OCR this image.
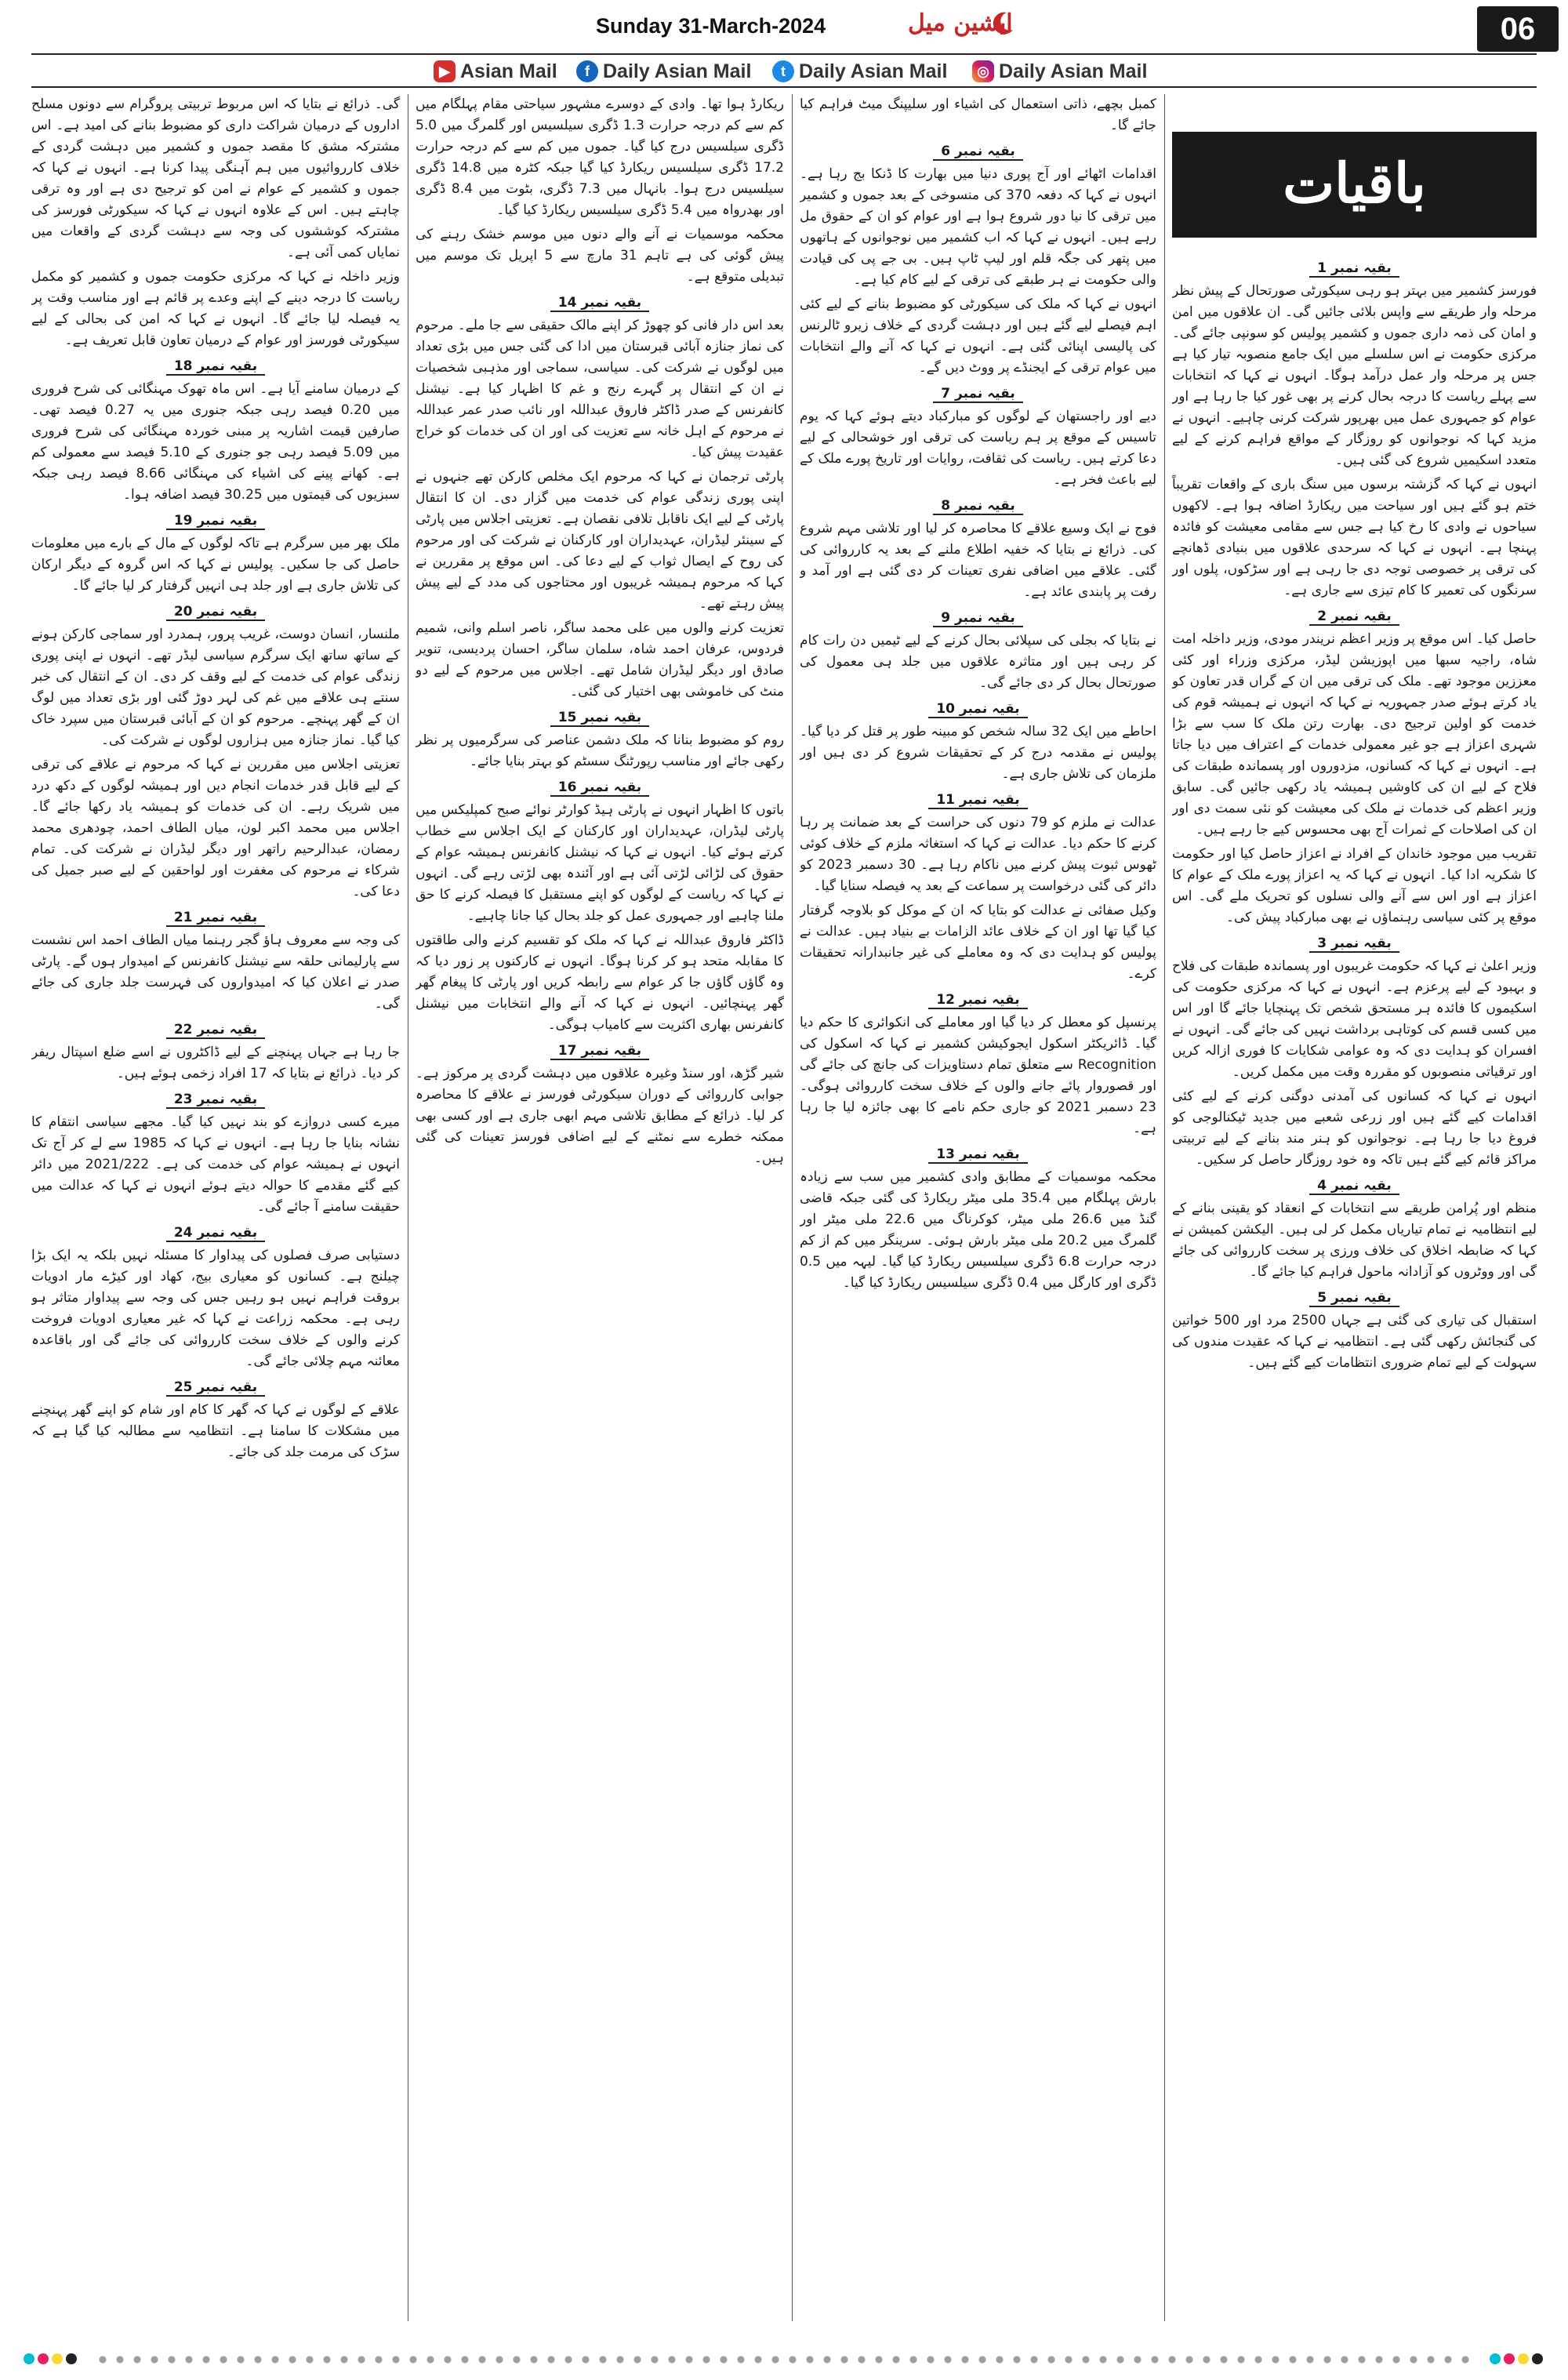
Sunday 31-March-2024	ایشین میل	06
▶ Asian Mail	f Daily Asian Mail	t Daily Asian Mail	◎ Daily Asian Mail
باقیات
بقیہ نمبر 1

فورسز کشمیر میں بہتر ہو رہی سیکورٹی صورتحال کے پیش نظر مرحلہ وار طریقے سے واپس بلائی جائیں گی۔ ان علاقوں میں امن و امان کی ذمہ داری جموں و کشمیر پولیس کو سونپی جائے گی۔ مرکزی حکومت نے اس سلسلے میں ایک جامع منصوبہ تیار کیا ہے جس پر مرحلہ وار عمل درآمد ہوگا۔ انہوں نے کہا کہ انتخابات سے پہلے ریاست کا درجہ بحال کرنے پر بھی غور کیا جا رہا ہے اور عوام کو جمہوری عمل میں بھرپور شرکت کرنی چاہیے۔ انہوں نے مزید کہا کہ نوجوانوں کو روزگار کے مواقع فراہم کرنے کے لیے متعدد اسکیمیں شروع کی گئی ہیں۔

انہوں نے کہا کہ گزشتہ برسوں میں سنگ باری کے واقعات تقریباً ختم ہو گئے ہیں اور سیاحت میں ریکارڈ اضافہ ہوا ہے۔ لاکھوں سیاحوں نے وادی کا رخ کیا ہے جس سے مقامی معیشت کو فائدہ پہنچا ہے۔ انہوں نے کہا کہ سرحدی علاقوں میں بنیادی ڈھانچے کی ترقی پر خصوصی توجہ دی جا رہی ہے اور سڑکوں، پلوں اور سرنگوں کی تعمیر کا کام تیزی سے جاری ہے۔

بقیہ نمبر 2

حاصل کیا۔ اس موقع پر وزیر اعظم نریندر مودی، وزیر داخلہ امت شاہ، راجیہ سبھا میں اپوزیشن لیڈر، مرکزی وزراء اور کئی معززین موجود تھے۔ ملک کی ترقی میں ان کے گراں قدر تعاون کو یاد کرتے ہوئے صدر جمہوریہ نے کہا کہ انہوں نے ہمیشہ قوم کی خدمت کو اولین ترجیح دی۔ بھارت رتن ملک کا سب سے بڑا شہری اعزاز ہے جو غیر معمولی خدمات کے اعتراف میں دیا جاتا ہے۔ انہوں نے کہا کہ کسانوں، مزدوروں اور پسماندہ طبقات کی فلاح کے لیے ان کی کاوشیں ہمیشہ یاد رکھی جائیں گی۔ سابق وزیر اعظم کی خدمات نے ملک کی معیشت کو نئی سمت دی اور ان کی اصلاحات کے ثمرات آج بھی محسوس کیے جا رہے ہیں۔

تقریب میں موجود خاندان کے افراد نے اعزاز حاصل کیا اور حکومت کا شکریہ ادا کیا۔ انہوں نے کہا کہ یہ اعزاز پورے ملک کے عوام کا اعزاز ہے اور اس سے آنے والی نسلوں کو تحریک ملے گی۔ اس موقع پر کئی سیاسی رہنماؤں نے بھی مبارکباد پیش کی۔

بقیہ نمبر 3

وزیر اعلیٰ نے کہا کہ حکومت غریبوں اور پسماندہ طبقات کی فلاح و بہبود کے لیے پرعزم ہے۔ انہوں نے کہا کہ مرکزی حکومت کی اسکیموں کا فائدہ ہر مستحق شخص تک پہنچایا جائے گا اور اس میں کسی قسم کی کوتاہی برداشت نہیں کی جائے گی۔ انہوں نے افسران کو ہدایت دی کہ وہ عوامی شکایات کا فوری ازالہ کریں اور ترقیاتی منصوبوں کو مقررہ وقت میں مکمل کریں۔

انہوں نے کہا کہ کسانوں کی آمدنی دوگنی کرنے کے لیے کئی اقدامات کیے گئے ہیں اور زرعی شعبے میں جدید ٹیکنالوجی کو فروغ دیا جا رہا ہے۔ نوجوانوں کو ہنر مند بنانے کے لیے تربیتی مراکز قائم کیے گئے ہیں تاکہ وہ خود روزگار حاصل کر سکیں۔

بقیہ نمبر 4

منظم اور پُرامن طریقے سے انتخابات کے انعقاد کو یقینی بنانے کے لیے انتظامیہ نے تمام تیاریاں مکمل کر لی ہیں۔ الیکشن کمیشن نے کہا کہ ضابطہ اخلاق کی خلاف ورزی پر سخت کارروائی کی جائے گی اور ووٹروں کو آزادانہ ماحول فراہم کیا جائے گا۔

بقیہ نمبر 5

استقبال کی تیاری کی گئی ہے جہاں 2500 مرد اور 500 خواتین کی گنجائش رکھی گئی ہے۔ انتظامیہ نے کہا کہ عقیدت مندوں کی سہولت کے لیے تمام ضروری انتظامات کیے گئے ہیں۔

کمبل بچھے، ذاتی استعمال کی اشیاء اور سلیپنگ میٹ فراہم کیا جائے گا۔

بقیہ نمبر 6

اقدامات اٹھائے اور آج پوری دنیا میں بھارت کا ڈنکا بج رہا ہے۔ انہوں نے کہا کہ دفعہ 370 کی منسوخی کے بعد جموں و کشمیر میں ترقی کا نیا دور شروع ہوا ہے اور عوام کو ان کے حقوق مل رہے ہیں۔ انہوں نے کہا کہ اب کشمیر میں نوجوانوں کے ہاتھوں میں پتھر کی جگہ قلم اور لیپ ٹاپ ہیں۔ بی جے پی کی قیادت والی حکومت نے ہر طبقے کی ترقی کے لیے کام کیا ہے۔

انہوں نے کہا کہ ملک کی سیکورٹی کو مضبوط بنانے کے لیے کئی اہم فیصلے لیے گئے ہیں اور دہشت گردی کے خلاف زیرو ٹالرنس کی پالیسی اپنائی گئی ہے۔ انہوں نے کہا کہ آنے والے انتخابات میں عوام ترقی کے ایجنڈے پر ووٹ دیں گے۔

بقیہ نمبر 7

دیے اور راجستھان کے لوگوں کو مبارکباد دیتے ہوئے کہا کہ یوم تاسیس کے موقع پر ہم ریاست کی ترقی اور خوشحالی کے لیے دعا کرتے ہیں۔ ریاست کی ثقافت، روایات اور تاریخ پورے ملک کے لیے باعث فخر ہے۔

بقیہ نمبر 8

فوج نے ایک وسیع علاقے کا محاصرہ کر لیا اور تلاشی مہم شروع کی۔ ذرائع نے بتایا کہ خفیہ اطلاع ملنے کے بعد یہ کارروائی کی گئی۔ علاقے میں اضافی نفری تعینات کر دی گئی ہے اور آمد و رفت پر پابندی عائد ہے۔

بقیہ نمبر 9

نے بتایا کہ بجلی کی سپلائی بحال کرنے کے لیے ٹیمیں دن رات کام کر رہی ہیں اور متاثرہ علاقوں میں جلد ہی معمول کی صورتحال بحال کر دی جائے گی۔

بقیہ نمبر 10

احاطے میں ایک 32 سالہ شخص کو مبینہ طور پر قتل کر دیا گیا۔ پولیس نے مقدمہ درج کر کے تحقیقات شروع کر دی ہیں اور ملزمان کی تلاش جاری ہے۔

بقیہ نمبر 11

عدالت نے ملزم کو 79 دنوں کی حراست کے بعد ضمانت پر رہا کرنے کا حکم دیا۔ عدالت نے کہا کہ استغاثہ ملزم کے خلاف کوئی ٹھوس ثبوت پیش کرنے میں ناکام رہا ہے۔ 30 دسمبر 2023 کو دائر کی گئی درخواست پر سماعت کے بعد یہ فیصلہ سنایا گیا۔

وکیل صفائی نے عدالت کو بتایا کہ ان کے موکل کو بلاوجہ گرفتار کیا گیا تھا اور ان کے خلاف عائد الزامات بے بنیاد ہیں۔ عدالت نے پولیس کو ہدایت دی کہ وہ معاملے کی غیر جانبدارانہ تحقیقات کرے۔

بقیہ نمبر 12

پرنسپل کو معطل کر دیا گیا اور معاملے کی انکوائری کا حکم دیا گیا۔ ڈائریکٹر اسکول ایجوکیشن کشمیر نے کہا کہ اسکول کی Recognition سے متعلق تمام دستاویزات کی جانچ کی جائے گی اور قصوروار پائے جانے والوں کے خلاف سخت کارروائی ہوگی۔ 23 دسمبر 2021 کو جاری حکم نامے کا بھی جائزہ لیا جا رہا ہے۔

بقیہ نمبر 13

محکمہ موسمیات کے مطابق وادی کشمیر میں سب سے زیادہ بارش پہلگام میں 35.4 ملی میٹر ریکارڈ کی گئی جبکہ قاضی گنڈ میں 26.6 ملی میٹر، کوکرناگ میں 22.6 ملی میٹر اور گلمرگ میں 20.2 ملی میٹر بارش ہوئی۔ سرینگر میں کم از کم درجہ حرارت 6.8 ڈگری سیلسیس ریکارڈ کیا گیا۔ لیہہ میں 0.5 ڈگری اور کارگل میں 0.4 ڈگری سیلسیس ریکارڈ کیا گیا۔

ریکارڈ ہوا تھا۔ وادی کے دوسرے مشہور سیاحتی مقام پہلگام میں کم سے کم درجہ حرارت 1.3 ڈگری سیلسیس اور گلمرگ میں 5.0 ڈگری سیلسیس درج کیا گیا۔ جموں میں کم سے کم درجہ حرارت 17.2 ڈگری سیلسیس ریکارڈ کیا گیا جبکہ کٹرہ میں 14.8 ڈگری سیلسیس درج ہوا۔ بانہال میں 7.3 ڈگری، بٹوت میں 8.4 ڈگری اور بھدرواہ میں 5.4 ڈگری سیلسیس ریکارڈ کیا گیا۔

محکمہ موسمیات نے آنے والے دنوں میں موسم خشک رہنے کی پیش گوئی کی ہے تاہم 31 مارچ سے 5 اپریل تک موسم میں تبدیلی متوقع ہے۔

بقیہ نمبر 14

بعد اس دار فانی کو چھوڑ کر اپنے مالک حقیقی سے جا ملے۔ مرحوم کی نماز جنازہ آبائی قبرستان میں ادا کی گئی جس میں بڑی تعداد میں لوگوں نے شرکت کی۔ سیاسی، سماجی اور مذہبی شخصیات نے ان کے انتقال پر گہرے رنج و غم کا اظہار کیا ہے۔ نیشنل کانفرنس کے صدر ڈاکٹر فاروق عبداللہ اور نائب صدر عمر عبداللہ نے مرحوم کے اہل خانہ سے تعزیت کی اور ان کی خدمات کو خراج عقیدت پیش کیا۔

پارٹی ترجمان نے کہا کہ مرحوم ایک مخلص کارکن تھے جنہوں نے اپنی پوری زندگی عوام کی خدمت میں گزار دی۔ ان کا انتقال پارٹی کے لیے ایک ناقابل تلافی نقصان ہے۔ تعزیتی اجلاس میں پارٹی کے سینئر لیڈران، عہدیداران اور کارکنان نے شرکت کی اور مرحوم کی روح کے ایصال ثواب کے لیے دعا کی۔ اس موقع پر مقررین نے کہا کہ مرحوم ہمیشہ غریبوں اور محتاجوں کی مدد کے لیے پیش پیش رہتے تھے۔

تعزیت کرنے والوں میں علی محمد ساگر، ناصر اسلم وانی، شمیم فردوس، عرفان احمد شاہ، سلمان ساگر، احسان پردیسی، تنویر صادق اور دیگر لیڈران شامل تھے۔ اجلاس میں مرحوم کے لیے دو منٹ کی خاموشی بھی اختیار کی گئی۔

بقیہ نمبر 15

روم کو مضبوط بنانا کہ ملک دشمن عناصر کی سرگرمیوں پر نظر رکھی جائے اور مناسب رپورٹنگ سسٹم کو بہتر بنایا جائے۔

بقیہ نمبر 16

باتوں کا اظہار انہوں نے پارٹی ہیڈ کوارٹر نوائے صبح کمپلیکس میں پارٹی لیڈران، عہدیداران اور کارکنان کے ایک اجلاس سے خطاب کرتے ہوئے کیا۔ انہوں نے کہا کہ نیشنل کانفرنس ہمیشہ عوام کے حقوق کی لڑائی لڑتی آئی ہے اور آئندہ بھی لڑتی رہے گی۔ انہوں نے کہا کہ ریاست کے لوگوں کو اپنے مستقبل کا فیصلہ کرنے کا حق ملنا چاہیے اور جمہوری عمل کو جلد بحال کیا جانا چاہیے۔

ڈاکٹر فاروق عبداللہ نے کہا کہ ملک کو تقسیم کرنے والی طاقتوں کا مقابلہ متحد ہو کر کرنا ہوگا۔ انہوں نے کارکنوں پر زور دیا کہ وہ گاؤں گاؤں جا کر عوام سے رابطہ کریں اور پارٹی کا پیغام گھر گھر پہنچائیں۔ انہوں نے کہا کہ آنے والے انتخابات میں نیشنل کانفرنس بھاری اکثریت سے کامیاب ہوگی۔

بقیہ نمبر 17

شیر گڑھ، اور سنڈ وغیرہ علاقوں میں دہشت گردی پر مرکوز ہے۔ جوابی کارروائی کے دوران سیکورٹی فورسز نے علاقے کا محاصرہ کر لیا۔ ذرائع کے مطابق تلاشی مہم ابھی جاری ہے اور کسی بھی ممکنہ خطرے سے نمٹنے کے لیے اضافی فورسز تعینات کی گئی ہیں۔

گی۔ ذرائع نے بتایا کہ اس مربوط تربیتی پروگرام سے دونوں مسلح اداروں کے درمیان شراکت داری کو مضبوط بنانے کی امید ہے۔ اس مشترکہ مشق کا مقصد جموں و کشمیر میں دہشت گردی کے خلاف کارروائیوں میں ہم آہنگی پیدا کرنا ہے۔ انہوں نے کہا کہ جموں و کشمیر کے عوام نے امن کو ترجیح دی ہے اور وہ ترقی چاہتے ہیں۔ اس کے علاوہ انہوں نے کہا کہ سیکورٹی فورسز کی مشترکہ کوششوں کی وجہ سے دہشت گردی کے واقعات میں نمایاں کمی آئی ہے۔

وزیر داخلہ نے کہا کہ مرکزی حکومت جموں و کشمیر کو مکمل ریاست کا درجہ دینے کے اپنے وعدے پر قائم ہے اور مناسب وقت پر یہ فیصلہ لیا جائے گا۔ انہوں نے کہا کہ امن کی بحالی کے لیے سیکورٹی فورسز اور عوام کے درمیان تعاون قابل تعریف ہے۔

بقیہ نمبر 18

کے درمیان سامنے آیا ہے۔ اس ماہ تھوک مہنگائی کی شرح فروری میں 0.20 فیصد رہی جبکہ جنوری میں یہ 0.27 فیصد تھی۔ صارفین قیمت اشاریہ پر مبنی خوردہ مہنگائی کی شرح فروری میں 5.09 فیصد رہی جو جنوری کے 5.10 فیصد سے معمولی کم ہے۔ کھانے پینے کی اشیاء کی مہنگائی 8.66 فیصد رہی جبکہ سبزیوں کی قیمتوں میں 30.25 فیصد اضافہ ہوا۔

بقیہ نمبر 19

ملک بھر میں سرگرم ہے تاکہ لوگوں کے مال کے بارے میں معلومات حاصل کی جا سکیں۔ پولیس نے کہا کہ اس گروہ کے دیگر ارکان کی تلاش جاری ہے اور جلد ہی انہیں گرفتار کر لیا جائے گا۔

بقیہ نمبر 20

ملنسار، انسان دوست، غریب پرور، ہمدرد اور سماجی کارکن ہونے کے ساتھ ساتھ ایک سرگرم سیاسی لیڈر تھے۔ انہوں نے اپنی پوری زندگی عوام کی خدمت کے لیے وقف کر دی۔ ان کے انتقال کی خبر سنتے ہی علاقے میں غم کی لہر دوڑ گئی اور بڑی تعداد میں لوگ ان کے گھر پہنچے۔ مرحوم کو ان کے آبائی قبرستان میں سپرد خاک کیا گیا۔ نماز جنازہ میں ہزاروں لوگوں نے شرکت کی۔

تعزیتی اجلاس میں مقررین نے کہا کہ مرحوم نے علاقے کی ترقی کے لیے قابل قدر خدمات انجام دیں اور ہمیشہ لوگوں کے دکھ درد میں شریک رہے۔ ان کی خدمات کو ہمیشہ یاد رکھا جائے گا۔ اجلاس میں محمد اکبر لون، میاں الطاف احمد، چودھری محمد رمضان، عبدالرحیم راتھر اور دیگر لیڈران نے شرکت کی۔ تمام شرکاء نے مرحوم کی مغفرت اور لواحقین کے لیے صبر جمیل کی دعا کی۔

بقیہ نمبر 21

کی وجہ سے معروف ہاؤ گجر رہنما میاں الطاف احمد اس نشست سے پارلیمانی حلقہ سے نیشنل کانفرنس کے امیدوار ہوں گے۔ پارٹی صدر نے اعلان کیا کہ امیدواروں کی فہرست جلد جاری کی جائے گی۔

بقیہ نمبر 22

جا رہا ہے جہاں پہنچنے کے لیے ڈاکٹروں نے اسے ضلع اسپتال ریفر کر دیا۔ ذرائع نے بتایا کہ 17 افراد زخمی ہوئے ہیں۔

بقیہ نمبر 23

میرے کسی دروازے کو بند نہیں کیا گیا۔ مجھے سیاسی انتقام کا نشانہ بنایا جا رہا ہے۔ انہوں نے کہا کہ 1985 سے لے کر آج تک انہوں نے ہمیشہ عوام کی خدمت کی ہے۔ 2021/222 میں دائر کیے گئے مقدمے کا حوالہ دیتے ہوئے انہوں نے کہا کہ عدالت میں حقیقت سامنے آ جائے گی۔

بقیہ نمبر 24

دستیابی صرف فصلوں کی پیداوار کا مسئلہ نہیں بلکہ یہ ایک بڑا چیلنج ہے۔ کسانوں کو معیاری بیج، کھاد اور کیڑے مار ادویات بروقت فراہم نہیں ہو رہیں جس کی وجہ سے پیداوار متاثر ہو رہی ہے۔ محکمہ زراعت نے کہا کہ غیر معیاری ادویات فروخت کرنے والوں کے خلاف سخت کارروائی کی جائے گی اور باقاعدہ معائنہ مہم چلائی جائے گی۔

بقیہ نمبر 25

علاقے کے لوگوں نے کہا کہ گھر کا کام اور شام کو اپنے گھر پہنچنے میں مشکلات کا سامنا ہے۔ انتظامیہ سے مطالبہ کیا گیا ہے کہ سڑک کی مرمت جلد کی جائے۔
